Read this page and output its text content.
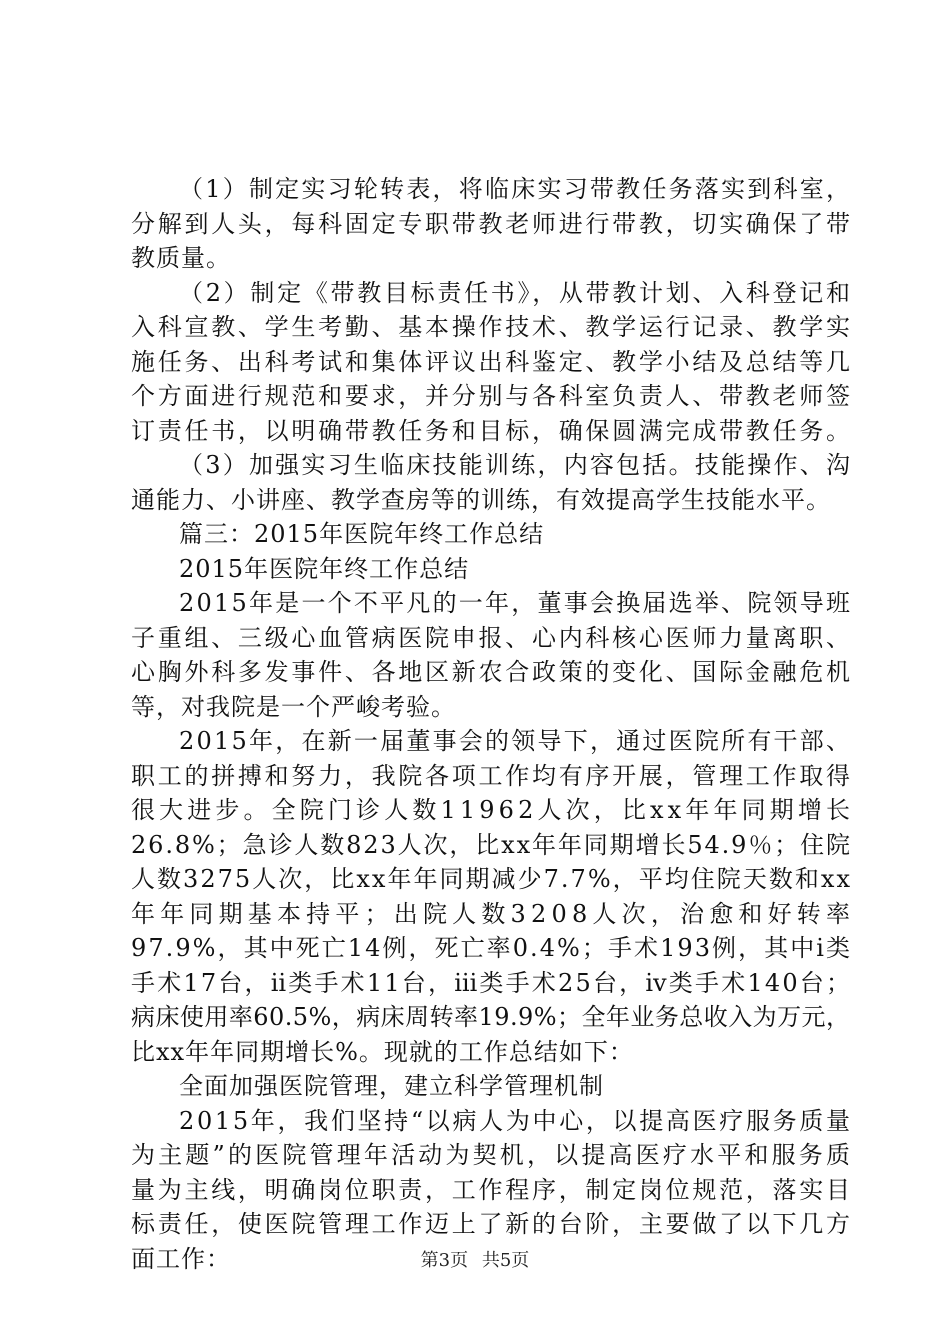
（1）制定实习轮转表，将临床实习带教任务落实到科室，
分解到人头，每科固定专职带教老师进行带教，切实确保了带
教质量。
（2）制定《带教目标责任书》，从带教计划、入科登记和
入科宣教、学生考勤、基本操作技术、教学运行记录、教学实
施任务、出科考试和集体评议出科鉴定、教学小结及总结等几
个方面进行规范和要求，并分别与各科室负责人、带教老师签
订责任书，以明确带教任务和目标，确保圆满完成带教任务。
（3）加强实习生临床技能训练，内容包括。技能操作、沟
通能力、小讲座、教学查房等的训练，有效提高学生技能水平。
篇三：2015年医院年终工作总结
2015年医院年终工作总结
2015年是一个不平凡的一年，董事会换届选举、院领导班
子重组、三级心血管病医院申报、心内科核心医师力量离职、
心胸外科多发事件、各地区新农合政策的变化、国际金融危机
等，对我院是一个严峻考验。
2015年，在新一届董事会的领导下，通过医院所有干部、
职工的拼搏和努力，我院各项工作均有序开展，管理工作取得
很大进步。全院门诊人数11962人次，比xx年年同期增长
26.8%；急诊人数823人次，比xx年年同期增长54.9％；住院
人数3275人次，比xx年年同期减少7.7%，平均住院天数和xx
年年同期基本持平；出院人数3208人次，治愈和好转率
97.9%，其中死亡14例，死亡率0.4%；手术193例，其中ⅰ类
手术17台，ⅱ类手术11台，ⅲ类手术25台，ⅳ类手术140台；
病床使用率60.5%，病床周转率19.9%；全年业务总收入为万元，
比xx年年同期增长%。现就的工作总结如下：
全面加强医院管理，建立科学管理机制
2015年，我们坚持“以病人为中心，以提高医疗服务质量
为主题”的医院管理年活动为契机，以提高医疗水平和服务质
量为主线，明确岗位职责，工作程序，制定岗位规范，落实目
标责任，使医院管理工作迈上了新的台阶，主要做了以下几方
面工作：	第3页 共5页
